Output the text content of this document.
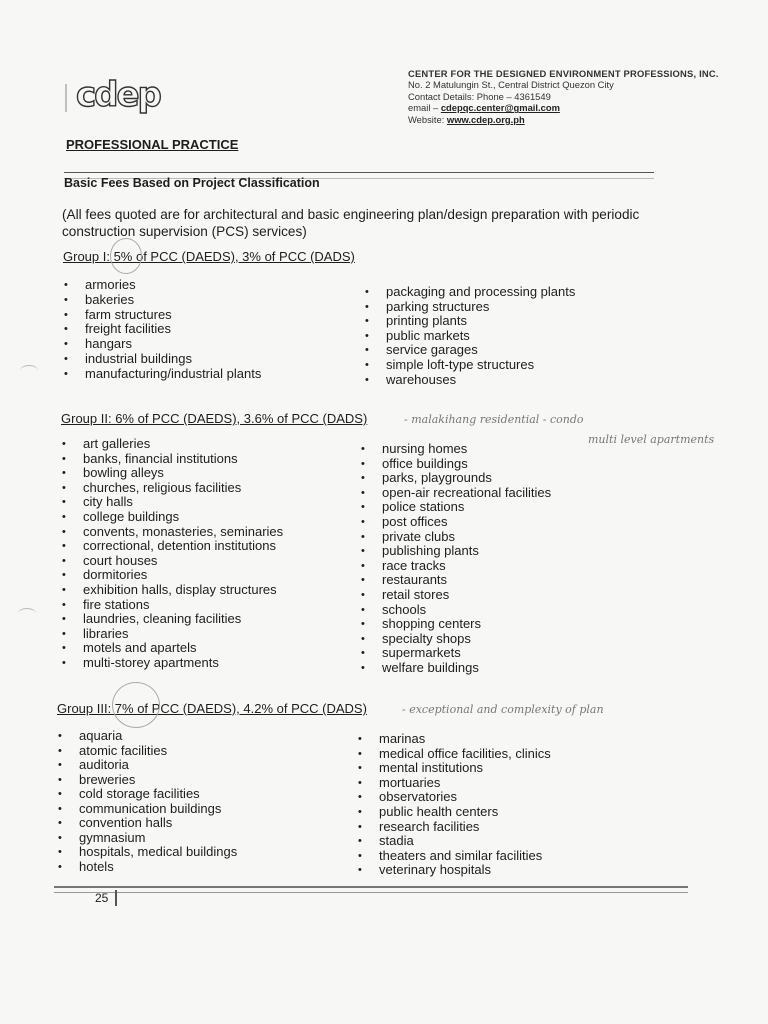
cdep
CENTER FOR THE DESIGNED ENVIRONMENT PROFESSIONS, INC.
No. 2 Matulungin St., Central District Quezon City
Contact Details: Phone – 4361549
email – cdepqc.center@gmail.com
Website: www.cdep.org.ph
PROFESSIONAL PRACTICE
Basic Fees Based on Project Classification
(All fees quoted are for architectural and basic engineering plan/design preparation with periodic construction supervision (PCS) services)
Group I: 5% of PCC (DAEDS), 3% of PCC (DADS)
• armories
• bakeries
• farm structures
• freight facilities
• hangars
• industrial buildings
• manufacturing/industrial plants
• packaging and processing plants
• parking structures
• printing plants
• public markets
• service garages
• simple loft-type structures
• warehouses
Group II: 6% of PCC (DAEDS), 3.6% of PCC (DADS)	- malakihang residential - condo
multi level apartments
• art galleries
• banks, financial institutions
• bowling alleys
• churches, religious facilities
• city halls
• college buildings
• convents, monasteries, seminaries
• correctional, detention institutions
• court houses
• dormitories
• exhibition halls, display structures
• fire stations
• laundries, cleaning facilities
• libraries
• motels and apartels
• multi-storey apartments
• nursing homes
• office buildings
• parks, playgrounds
• open-air recreational facilities
• police stations
• post offices
• private clubs
• publishing plants
• race tracks
• restaurants
• retail stores
• schools
• shopping centers
• specialty shops
• supermarkets
• welfare buildings
Group III: 7% of PCC (DAEDS), 4.2% of PCC (DADS)	- exceptional and complexity of plan
• aquaria
• atomic facilities
• auditoria
• breweries
• cold storage facilities
• communication buildings
• convention halls
• gymnasium
• hospitals, medical buildings
• hotels
• marinas
• medical office facilities, clinics
• mental institutions
• mortuaries
• observatories
• public health centers
• research facilities
• stadia
• theaters and similar facilities
• veterinary hospitals
25
